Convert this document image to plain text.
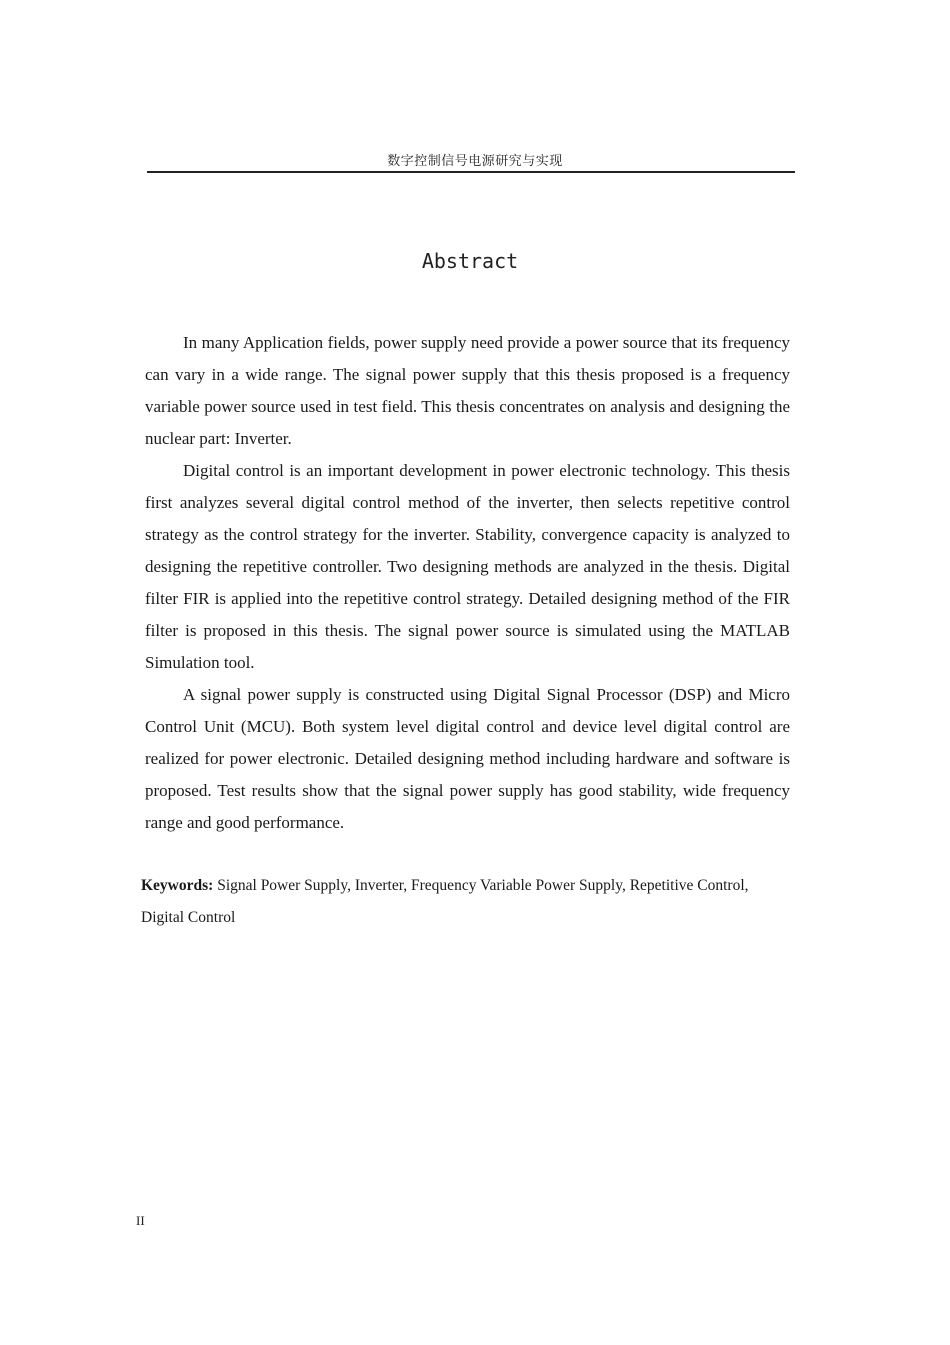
数字控制信号电源研究与实现
Abstract

In many Application fields, power supply need provide a power source that its frequency can vary in a wide range. The signal power supply that this thesis proposed is a frequency variable power source used in test field. This thesis concentrates on analysis and designing the nuclear part: Inverter.

Digital control is an important development in power electronic technology. This thesis first analyzes several digital control method of the inverter, then selects repetitive control strategy as the control strategy for the inverter. Stability, convergence capacity is analyzed to designing the repetitive controller. Two designing methods are analyzed in the thesis. Digital filter FIR is applied into the repetitive control strategy. Detailed designing method of the FIR filter is proposed in this thesis. The signal power source is simulated using the MATLAB Simulation tool.

A signal power supply is constructed using Digital Signal Processor (DSP) and Micro Control Unit (MCU). Both system level digital control and device level digital control are realized for power electronic. Detailed designing method including hardware and software is proposed. Test results show that the signal power supply has good stability, wide frequency range and good performance.

Keywords: Signal Power Supply, Inverter, Frequency Variable Power Supply, Repetitive Control, Digital Control
II
